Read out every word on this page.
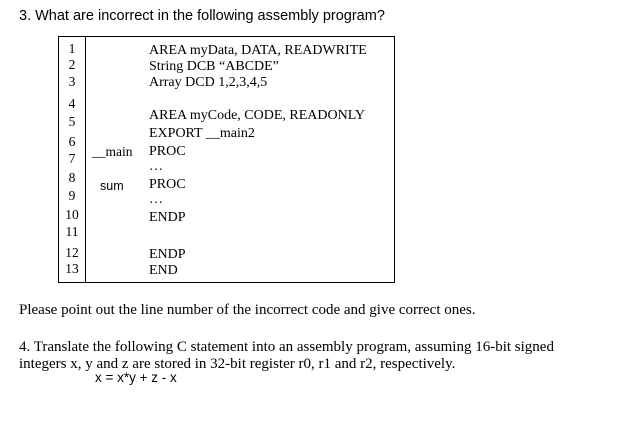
3. What are incorrect in the following assembly program?
1
2
3
4
5
6
7
8
9
10
11
12
13
AREA myData, DATA, READWRITE
String DCB “ABCDE”
Array DCD 1,2,3,4,5
AREA myCode, CODE, READONLY
EXPORT __main2
__main PROC
…
sum PROC
…
ENDP
ENDP
END
Please point out the line number of the incorrect code and give correct ones.
4. Translate the following C statement into an assembly program, assuming 16-bit signed
integers x, y and z are stored in 32-bit register r0, r1 and r2, respectively.
x = x*y + z - x
